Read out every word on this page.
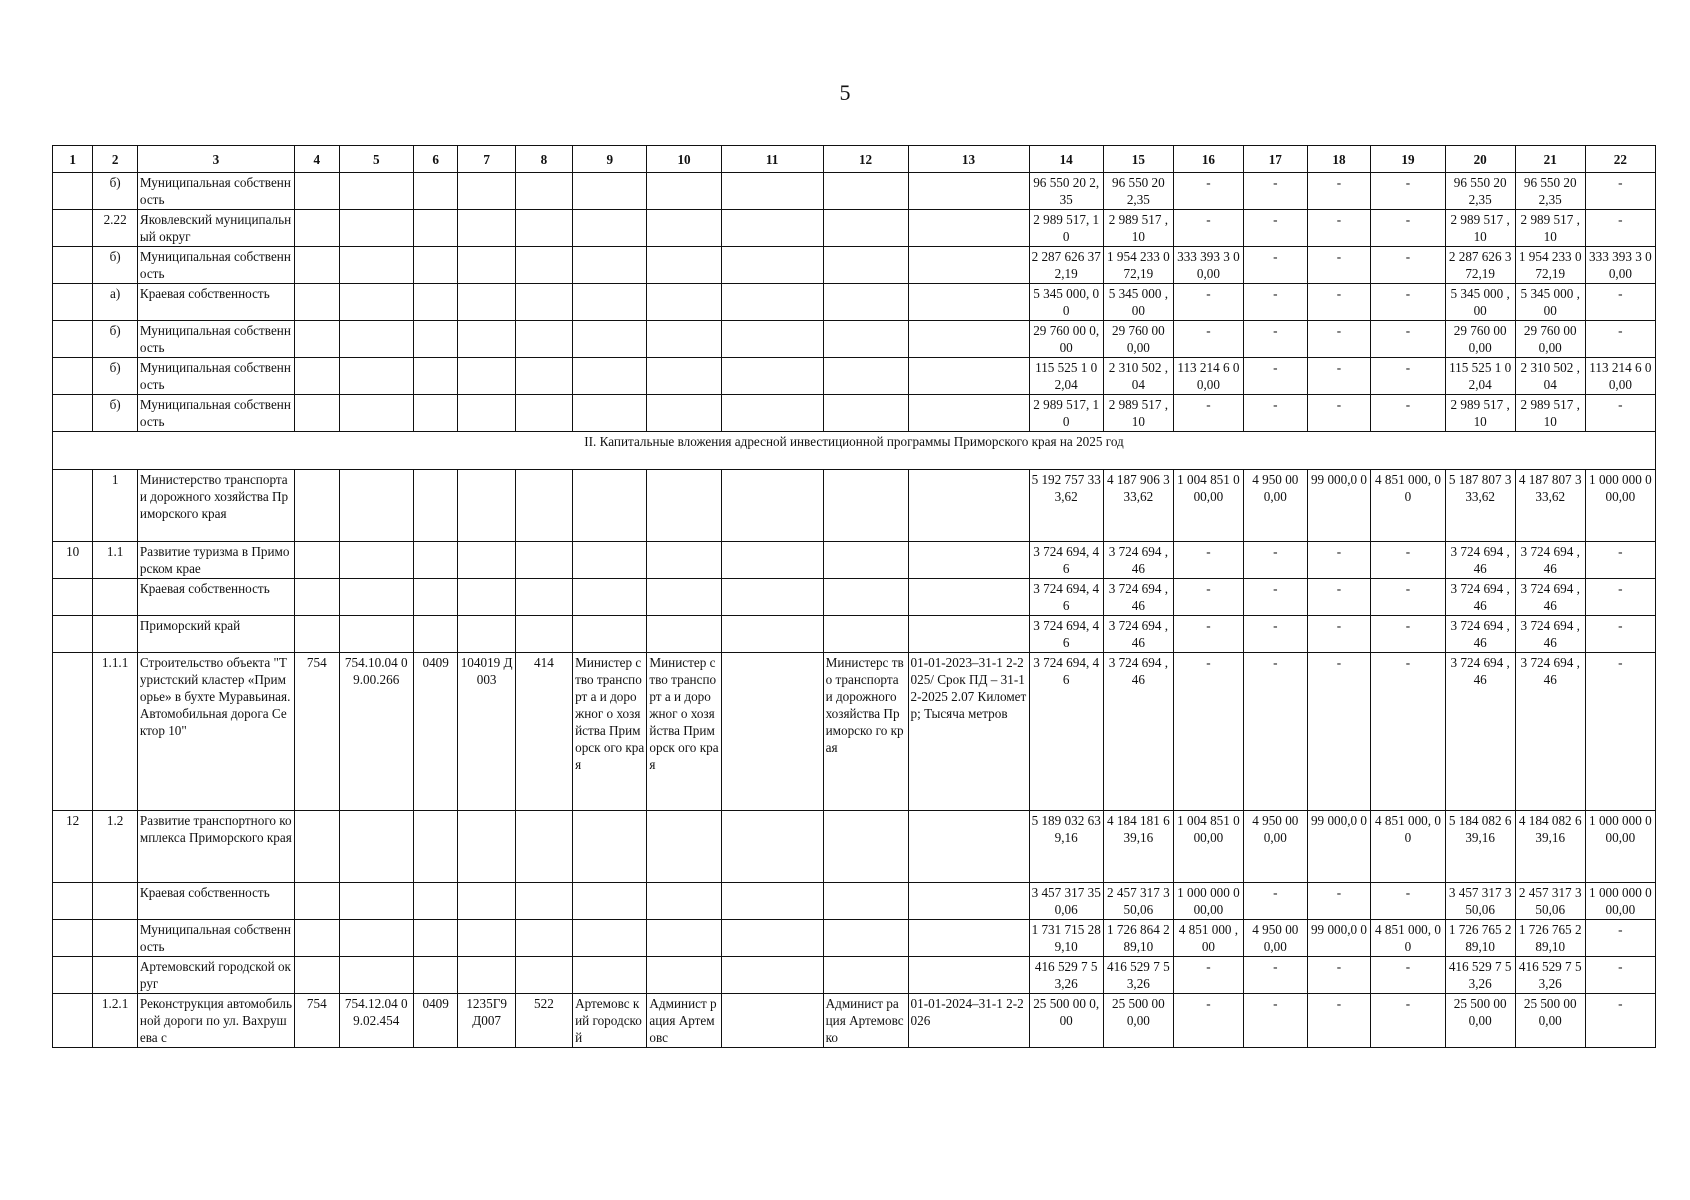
5
1	2	3	4	5	6	7	8	9	10	11	12	13	14	15	16	17	18	19	20	21	22
	б)	Муниципальная собственность											96 550 20 2,35	96 550 20 2,35	-	-	-	-	96 550 20 2,35	96 550 20 2,35	-
	2.22	Яковлевский муниципальный округ											2 989 517, 10	2 989 517 ,10	-	-	-	-	2 989 517 ,10	2 989 517 ,10	-
	б)	Муниципальная собственность											2 287 626 372,19	1 954 233 072,19	333 393 3 00,00	-	-	-	2 287 626 372,19	1 954 233 072,19	333 393 3 00,00
	а)	Краевая собственность											5 345 000, 00	5 345 000 ,00	-	-	-	-	5 345 000 ,00	5 345 000 ,00	-
	б)	Муниципальная собственность											29 760 00 0,00	29 760 00 0,00	-	-	-	-	29 760 00 0,00	29 760 00 0,00	-
	б)	Муниципальная собственность											115 525 1 02,04	2 310 502 ,04	113 214 6 00,00	-	-	-	115 525 1 02,04	2 310 502 ,04	113 214 6 00,00
	б)	Муниципальная собственность											2 989 517, 10	2 989 517 ,10	-	-	-	-	2 989 517 ,10	2 989 517 ,10	-
II. Капитальные вложения адресной инвестиционной программы Приморского края на 2025 год																					
	1	Министерство транспорта и дорожного хозяйства Приморского края											5 192 757 333,62	4 187 906 333,62	1 004 851 000,00	4 950 00 0,00	99 000,0 0	4 851 000, 00	5 187 807 333,62	4 187 807 333,62	1 000 000 000,00
10	1.1	Развитие туризма в Приморском крае											3 724 694, 46	3 724 694 ,46	-	-	-	-	3 724 694 ,46	3 724 694 ,46	-
		Краевая собственность											3 724 694, 46	3 724 694 ,46	-	-	-	-	3 724 694 ,46	3 724 694 ,46	-
		Приморский край											3 724 694, 46	3 724 694 ,46	-	-	-	-	3 724 694 ,46	3 724 694 ,46	-
	1.1.1	Строительство объекта "Туристский кластер «Приморье» в бухте Муравьиная. Автомобильная дорога Сектор 10"	754	754.10.04 09.00.266	0409	104019 Д003	414	Министер ство транспорт а и дорожног о хозяйства Приморск ого края	Министер ство транспорт а и дорожног о хозяйства Приморск ого края		Министерс тво транспорта и дорожного хозяйства Приморско го края	01-01-2023–31-1 2-2025/ Срок ПД – 31-12-2025 2.07 Километр; Тысяча метров	3 724 694, 46	3 724 694 ,46	-	-	-	-	3 724 694 ,46	3 724 694 ,46	-
12	1.2	Развитие транспортного комплекса Приморского края											5 189 032 639,16	4 184 181 639,16	1 004 851 000,00	4 950 00 0,00	99 000,0 0	4 851 000, 00	5 184 082 639,16	4 184 082 639,16	1 000 000 000,00
		Краевая собственность											3 457 317 350,06	2 457 317 350,06	1 000 000 000,00	-	-	-	3 457 317 350,06	2 457 317 350,06	1 000 000 000,00
		Муниципальная собственность											1 731 715 289,10	1 726 864 289,10	4 851 000 ,00	4 950 00 0,00	99 000,0 0	4 851 000, 00	1 726 765 289,10	1 726 765 289,10	-
		Артемовский городской округ											416 529 7 53,26	416 529 7 53,26	-	-	-	-	416 529 7 53,26	416 529 7 53,26	-
	1.2.1	Реконструкция автомобильной дороги по ул. Вахрушева с	754	754.12.04 09.02.454	0409	1235Г9 Д007	522	Артемовс кий городской	Админист рация Артемовс		Админист рация Артемовско	01-01-2024–31-1 2-2026	25 500 00 0,00	25 500 00 0,00	-	-	-	-	25 500 00 0,00	25 500 00 0,00	-
